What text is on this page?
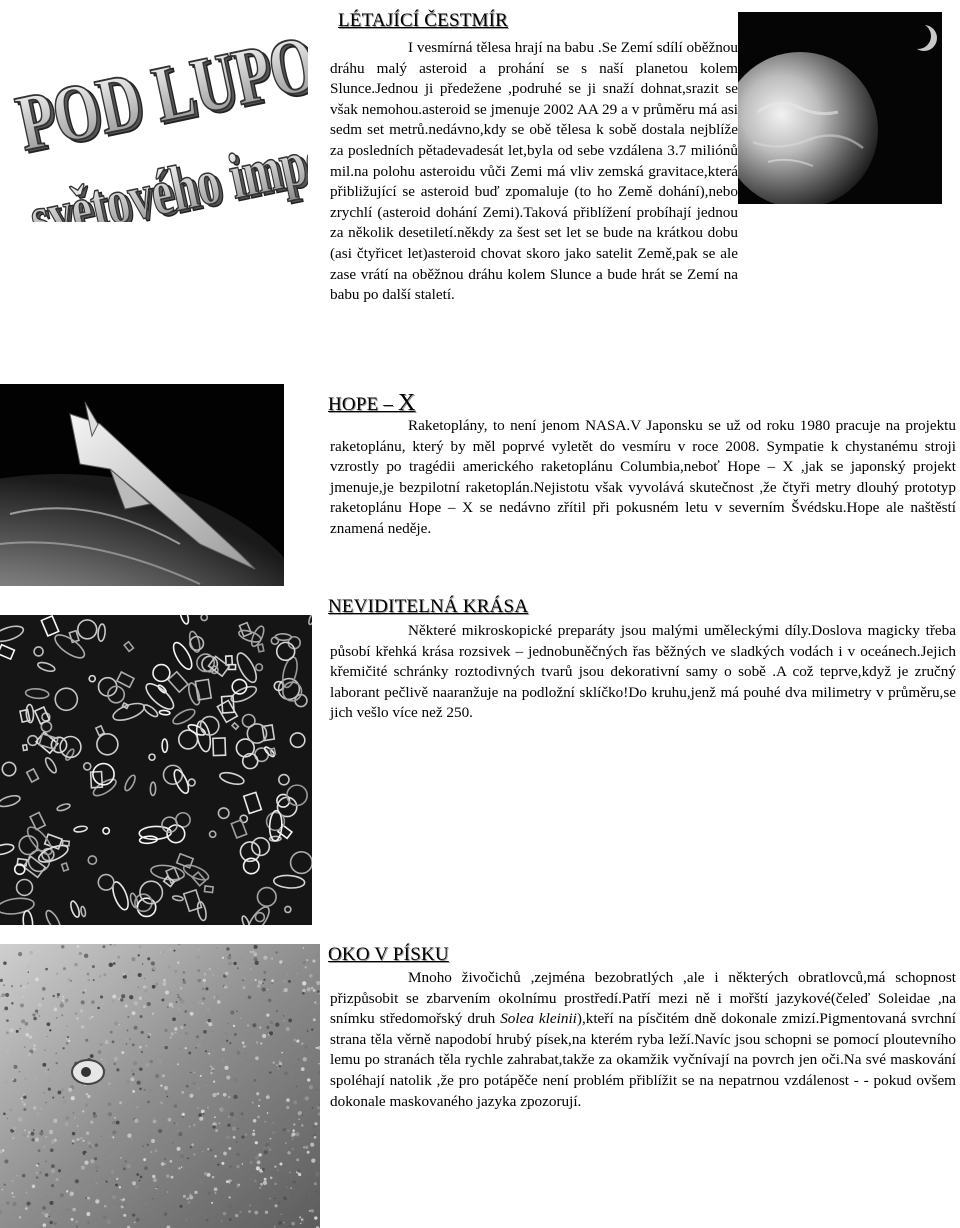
POD LUPOU
POD LUPOU
světového impéria
světového impéria
LÉTAJÍCÍ ČESTMÍR
I vesmírná tělesa hrají na babu .Se Zemí sdílí oběžnou dráhu malý asteroid a prohání se s naší planetou kolem Slunce.Jednou ji předežene ,podruhé se ji snaží dohnat,srazit se však nemohou.asteroid se jmenuje 2002 AA 29 a v průměru má asi sedm set metrů.nedávno,kdy se obě tělesa k sobě dostala nejblíže za posledních pětadevadesát let,byla od sebe vzdálena 3.7 miliónů mil.na polohu asteroidu vůči Zemi má vliv zemská gravitace,která přibližující se asteroid buď zpomaluje (to ho Země dohání),nebo zrychlí (asteroid dohání Zemi).Taková přiblížení probíhají jednou za několik desetiletí.někdy za šest set let se bude na krátkou dobu (asi čtyřicet let)asteroid chovat skoro jako satelit Země,pak se ale zase vrátí na oběžnou dráhu kolem Slunce a bude hrát se Zemí na babu po další staletí.
HOPE – X
Raketoplány, to není jenom NASA.V Japonsku se už od roku 1980 pracuje na projektu raketoplánu, který by měl poprvé vyletět do vesmíru v roce 2008. Sympatie k chystanému stroji vzrostly po tragédii amerického raketoplánu Columbia,neboť Hope – X ,jak se japonský projekt jmenuje,je bezpilotní raketoplán.Nejistotu však vyvolává skutečnost ,že čtyři metry dlouhý prototyp raketoplánu Hope – X se nedávno zřítil při pokusném letu v severním Švédsku.Hope ale naštěstí znamená neděje.
NEVIDITELNÁ KRÁSA
Některé mikroskopické preparáty jsou malými uměleckými díly.Doslova magicky třeba působí křehká krása rozsivek – jednobuněčných řas běžných ve sladkých vodách i v oceánech.Jejich křemičité schránky roztodivných tvarů jsou dekorativní samy o sobě .A což teprve,když je zručný laborant pečlivě naaranžuje na podložní sklíčko!Do kruhu,jenž má pouhé dva milimetry v průměru,se jich vešlo více než 250.
OKO V PÍSKU
Mnoho živočichů ,zejména bezobratlých ,ale i některých obratlovců,má schopnost přizpůsobit se zbarvením okolnímu prostředí.Patří mezi ně i mořští jazykové(čeleď Soleidae ,na snímku středomořský druh Solea kleinii),kteří na písčitém dně dokonale zmizí.Pigmentovaná svrchní strana těla věrně napodobí hrubý písek,na kterém ryba leží.Navíc jsou schopni se pomocí ploutevního lemu po stranách těla rychle zahrabat,takže za okamžik vyčnívají na povrch jen oči.Na své maskování spoléhají natolik ,že pro potápěče není problém přiblížit se na nepatrnou vzdálenost - - pokud ovšem dokonale maskovaného jazyka zpozorují.
